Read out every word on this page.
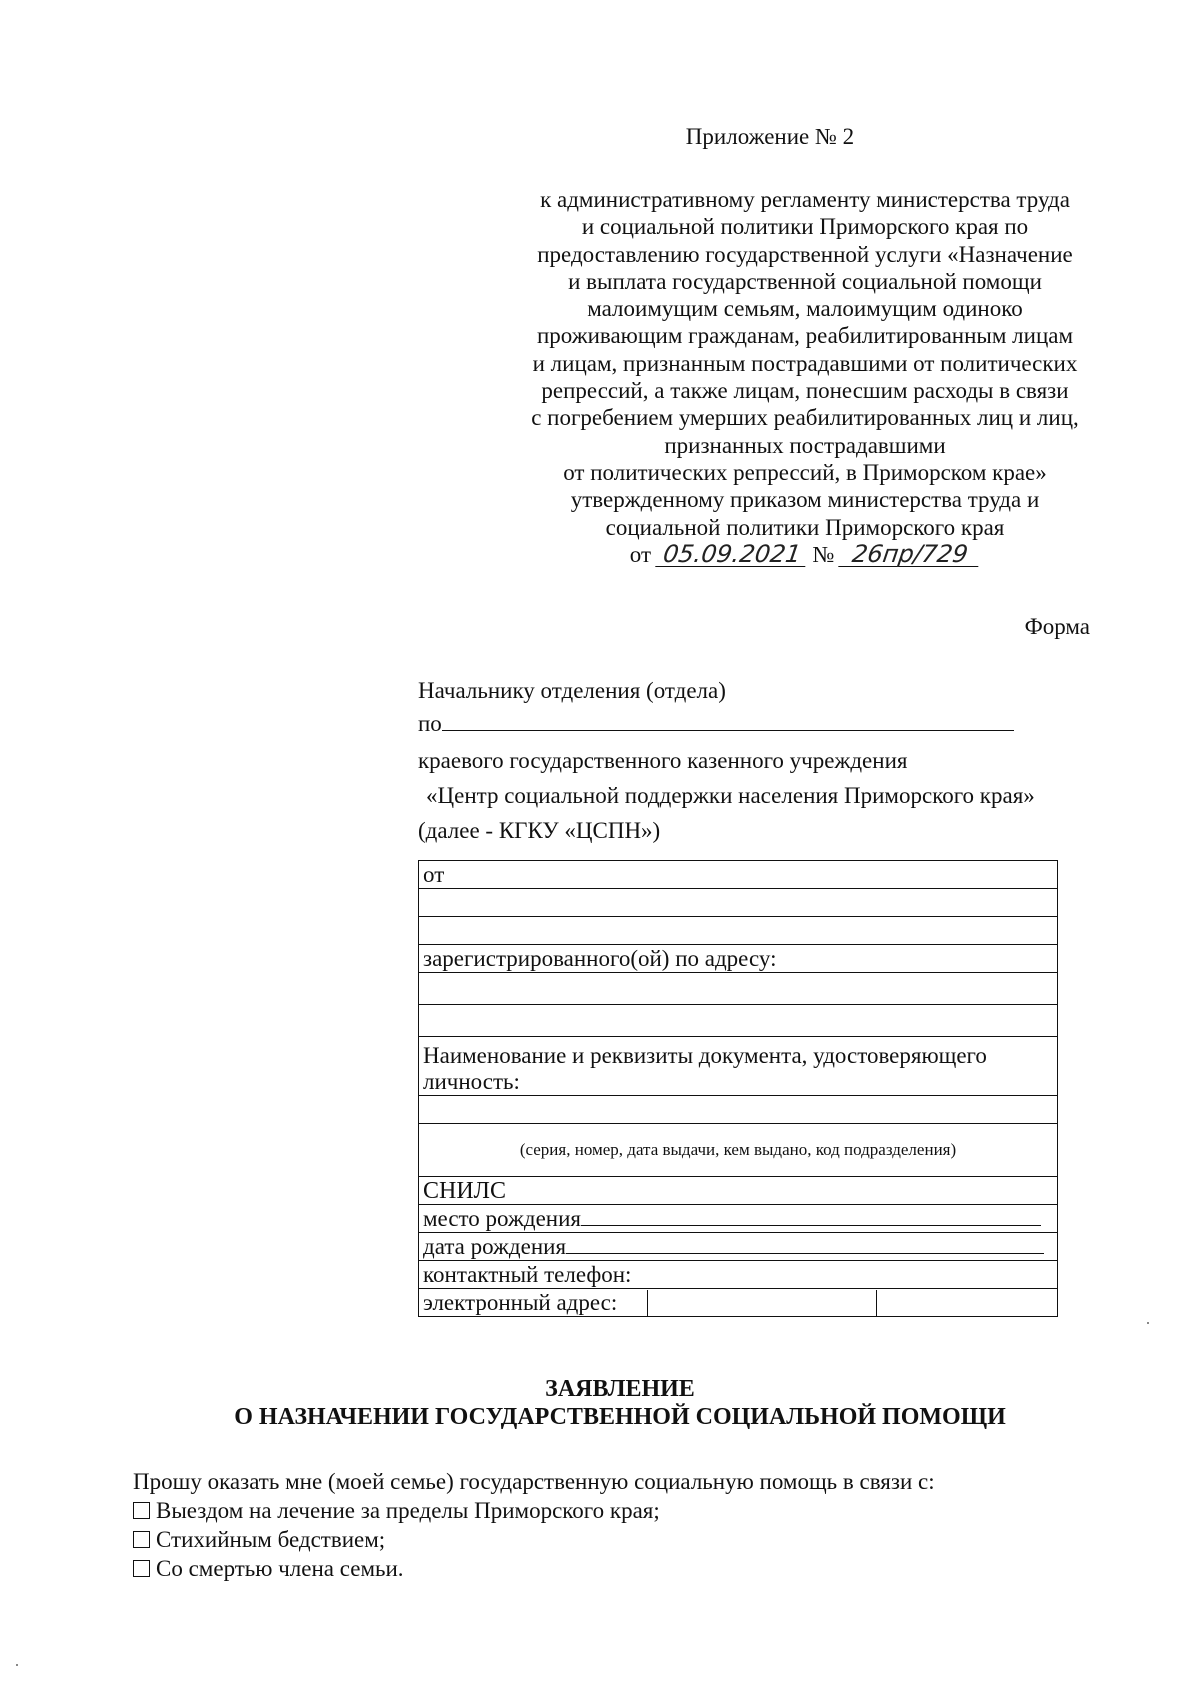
Приложение № 2
к административному регламенту министерства труда
и социальной политики Приморского края по
предоставлению государственной услуги «Назначение
и выплата государственной социальной помощи
малоимущим семьям, малоимущим одиноко
проживающим гражданам, реабилитированным лицам
и лицам, признанным пострадавшими от политических
репрессий, а также лицам, понесшим расходы в связи
с погребением умерших реабилитированных лиц и лиц,
признанных пострадавшими
от политических репрессий, в Приморском крае»
утвержденному приказом министерства труда и
социальной политики Приморского края
от 05.09.2021 № 26пр/729
Форма
Начальнику отделения (отдела)
по
краевого государственного казенного учреждения
«Центр социальной поддержки населения Приморского края»
(далее - КГКУ «ЦСПН»)
от

зарегистрированного(ой) по адресу:

Наименование и реквизиты документа, удостоверяющего личность:

(серия, номер, дата выдачи, кем выдано, код подразделения)
СНИЛС
место рождения
дата рождения
контактный телефон:

электронный адрес:		
ЗАЯВЛЕНИЕ
О НАЗНАЧЕНИИ ГОСУДАРСТВЕННОЙ СОЦИАЛЬНОЙ ПОМОЩИ
Прошу оказать мне (моей семье) государственную социальную помощь в связи с:
Выездом на лечение за пределы Приморского края;
Стихийным бедствием;
Со смертью члена семьи.
